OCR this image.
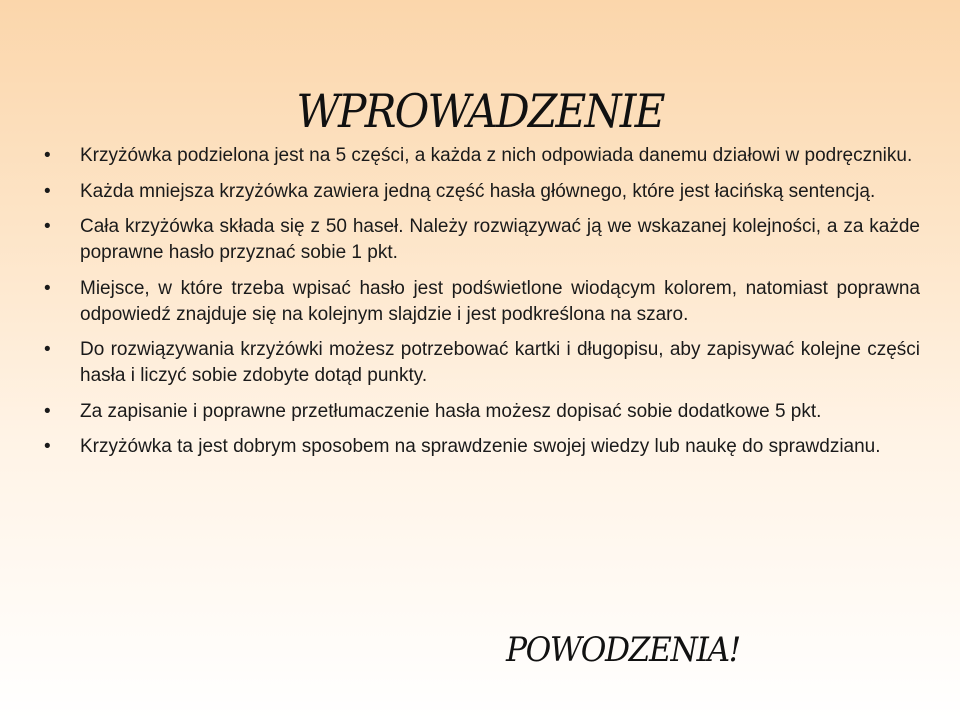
WPROWADZENIE
•	Krzyżówka podzielona jest na 5 części, a każda z nich odpowiada danemu działowi w podręczniku.
•	Każda mniejsza krzyżówka zawiera jedną część hasła głównego, które jest łacińską sentencją.
•	Cała krzyżówka składa się z 50 haseł. Należy rozwiązywać ją we wskazanej kolejności, a za każde poprawne hasło przyznać sobie 1 pkt.
•	Miejsce, w które trzeba wpisać hasło jest podświetlone wiodącym kolorem, natomiast poprawna odpowiedź znajduje się na kolejnym slajdzie i jest podkreślona na szaro.
•	Do rozwiązywania krzyżówki możesz potrzebować kartki i długopisu, aby zapisywać kolejne części hasła i liczyć sobie zdobyte dotąd punkty.
•	Za zapisanie i poprawne przetłumaczenie hasła możesz dopisać sobie dodatkowe 5 pkt.
•	Krzyżówka ta jest dobrym sposobem na sprawdzenie swojej wiedzy lub naukę do sprawdzianu.
POWODZENIA!
